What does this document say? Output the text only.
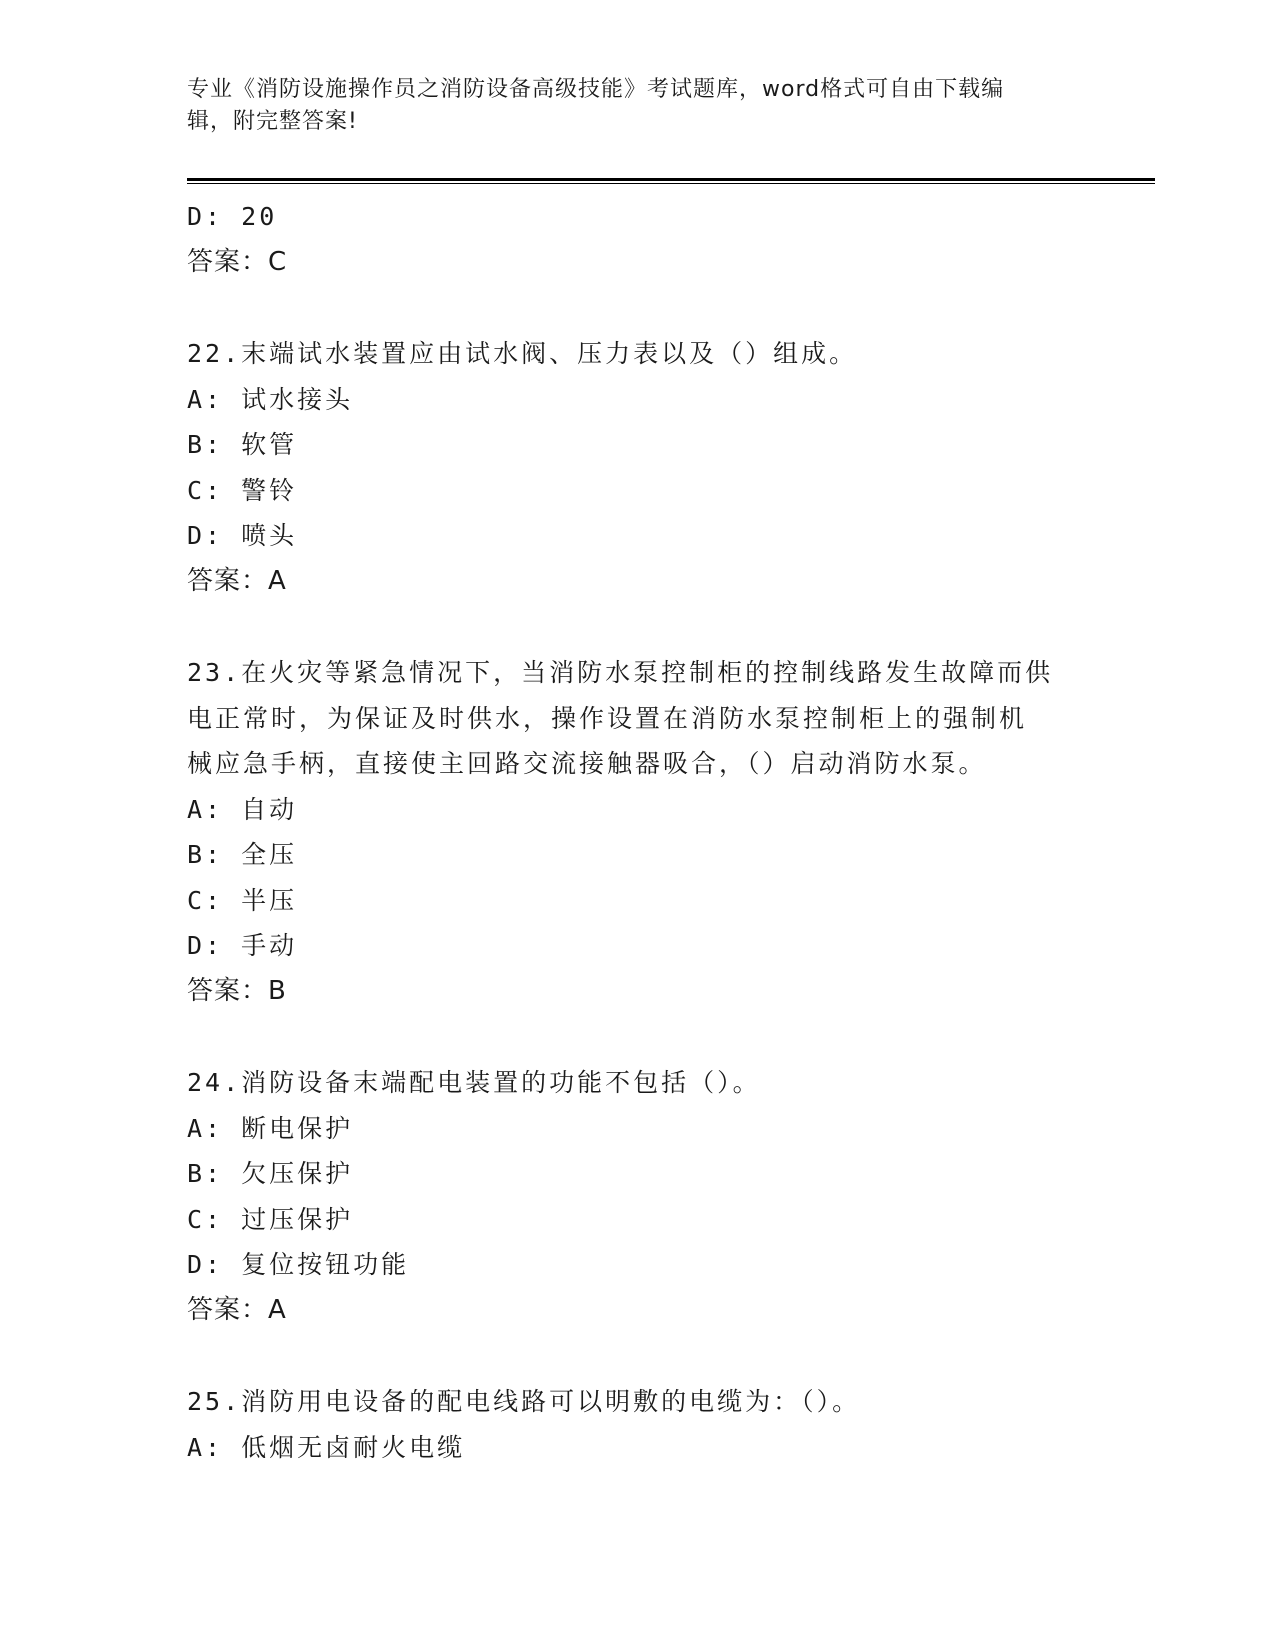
专业《消防设施操作员之消防设备高级技能》考试题库，word格式可自由下载编
辑，附完整答案!
D: 20
答案：C
22.末端试水装置应由试水阀、压力表以及（）组成。
A: 试水接头
B: 软管
C: 警铃
D: 喷头
答案：A
23.在火灾等紧急情况下，当消防水泵控制柜的控制线路发生故障而供
电正常时，为保证及时供水，操作设置在消防水泵控制柜上的强制机
械应急手柄，直接使主回路交流接触器吸合，（）启动消防水泵。
A: 自动
B: 全压
C: 半压
D: 手动
答案：B
24.消防设备末端配电装置的功能不包括（）。
A: 断电保护
B: 欠压保护
C: 过压保护
D: 复位按钮功能
答案：A
25.消防用电设备的配电线路可以明敷的电缆为：（）。
A: 低烟无卤耐火电缆
